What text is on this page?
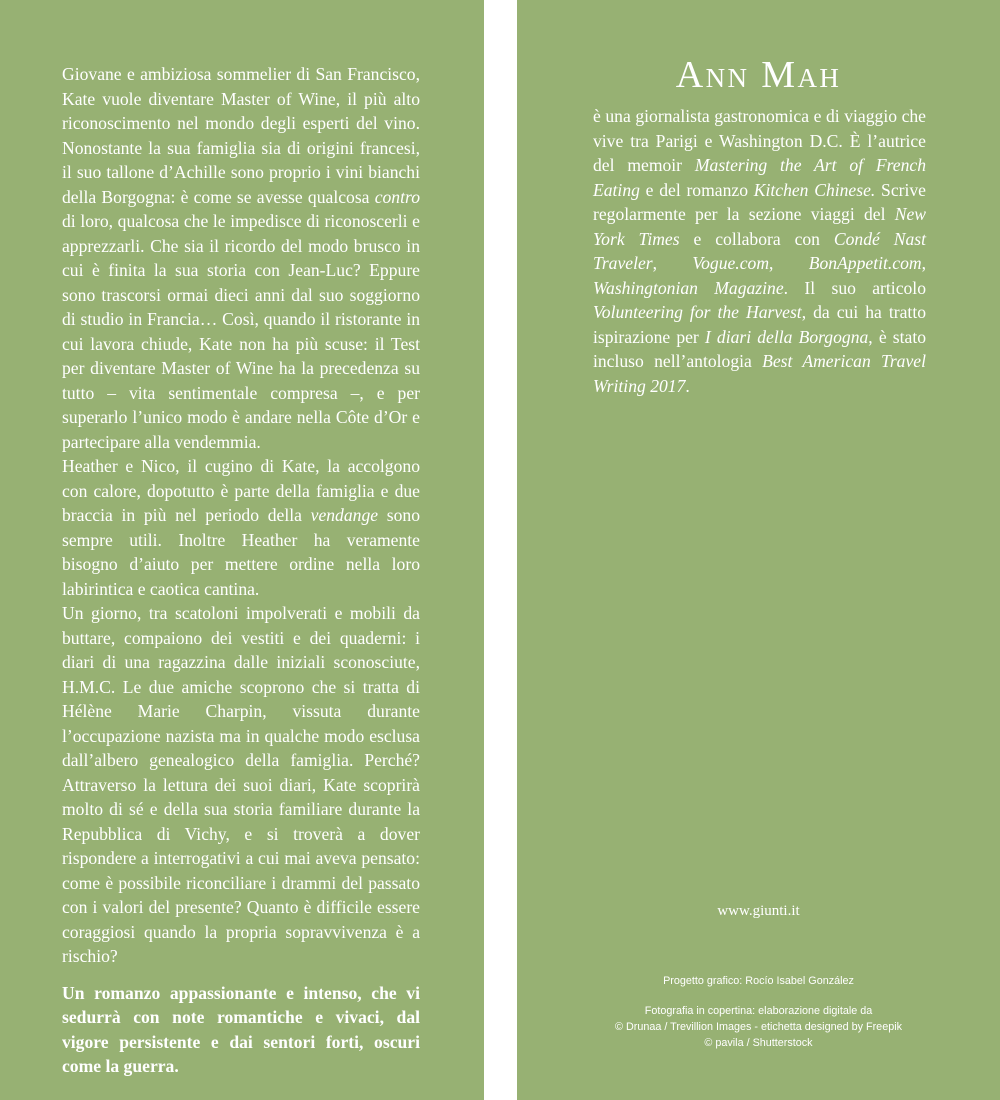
Giovane e ambiziosa sommelier di San Francisco, Kate vuole diventare Master of Wine, il più alto riconoscimento nel mondo degli esperti del vino. Nonostante la sua famiglia sia di origini francesi, il suo tallone d’Achille sono proprio i vini bianchi della Borgogna: è come se avesse qualcosa contro di loro, qualcosa che le impedisce di riconoscerli e apprezzarli. Che sia il ricordo del modo brusco in cui è finita la sua storia con Jean-Luc? Eppure sono trascorsi ormai dieci anni dal suo soggiorno di studio in Francia… Così, quando il ristorante in cui lavora chiude, Kate non ha più scuse: il Test per diventare Master of Wine ha la precedenza su tutto – vita sentimentale compresa –, e per superarlo l’unico modo è andare nella Côte d’Or e partecipare alla vendemmia.

Heather e Nico, il cugino di Kate, la accolgono con calore, dopotutto è parte della famiglia e due braccia in più nel periodo della vendange sono sempre utili. Inoltre Heather ha veramente bisogno d’aiuto per mettere ordine nella loro labirintica e caotica cantina.

Un giorno, tra scatoloni impolverati e mobili da buttare, compaiono dei vestiti e dei quaderni: i diari di una ragazzina dalle iniziali sconosciute, H.M.C. Le due amiche scoprono che si tratta di Hélène Marie Charpin, vissuta durante l’occupazione nazista ma in qualche modo esclusa dall’albero genealogico della famiglia. Perché? Attraverso la lettura dei suoi diari, Kate scoprirà molto di sé e della sua storia familiare durante la Repubblica di Vichy, e si troverà a dover rispondere a interrogativi a cui mai aveva pensato: come è possibile riconciliare i drammi del passato con i valori del presente? Quanto è difficile essere coraggiosi quando la propria sopravvivenza è a rischio?

Un romanzo appassionante e intenso, che vi sedurrà con note romantiche e vivaci, dal vigore persistente e dai sentori forti, oscuri come la guerra.

Ann Mah

è una giornalista gastronomica e di viaggio che vive tra Parigi e Washington D.C. È l’autrice del memoir Mastering the Art of French Eating e del romanzo Kitchen Chinese. Scrive regolarmente per la sezione viaggi del New York Times e collabora con Condé Nast Traveler, Vogue.com, BonAppetit.com, Washingtonian Magazine. Il suo articolo Volunteering for the Harvest, da cui ha tratto ispirazione per I diari della Borgogna, è stato incluso nell’antologia Best American Travel Writing 2017.

www.giunti.it
Progetto grafico: Rocío Isabel González
Fotografia in copertina: elaborazione digitale da
© Drunaa / Trevillion Images - etichetta designed by Freepik
© pavila / Shutterstock
